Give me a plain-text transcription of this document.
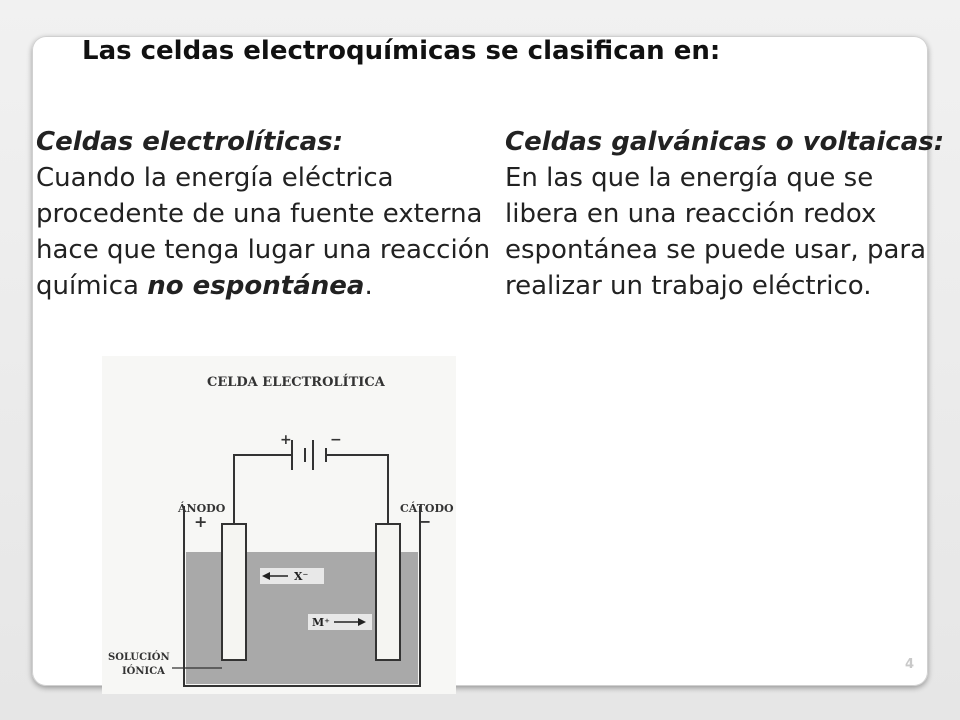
Las celdas electroquímicas se clasifican en:
Celdas electrolíticas:
Cuando la energía eléctrica procedente de una fuente externa hace que tenga lugar una reacción química no espontánea.
Celdas galvánicas o voltaicas:
En las que la energía que se libera en una reacción redox espontánea se puede usar, para realizar un trabajo eléctrico.
CELDA ELECTROLÍTICA
+	−
ÁNODO
+
CÁTODO
−
X⁻
M⁺
SOLUCIÓN
IÓNICA	4
